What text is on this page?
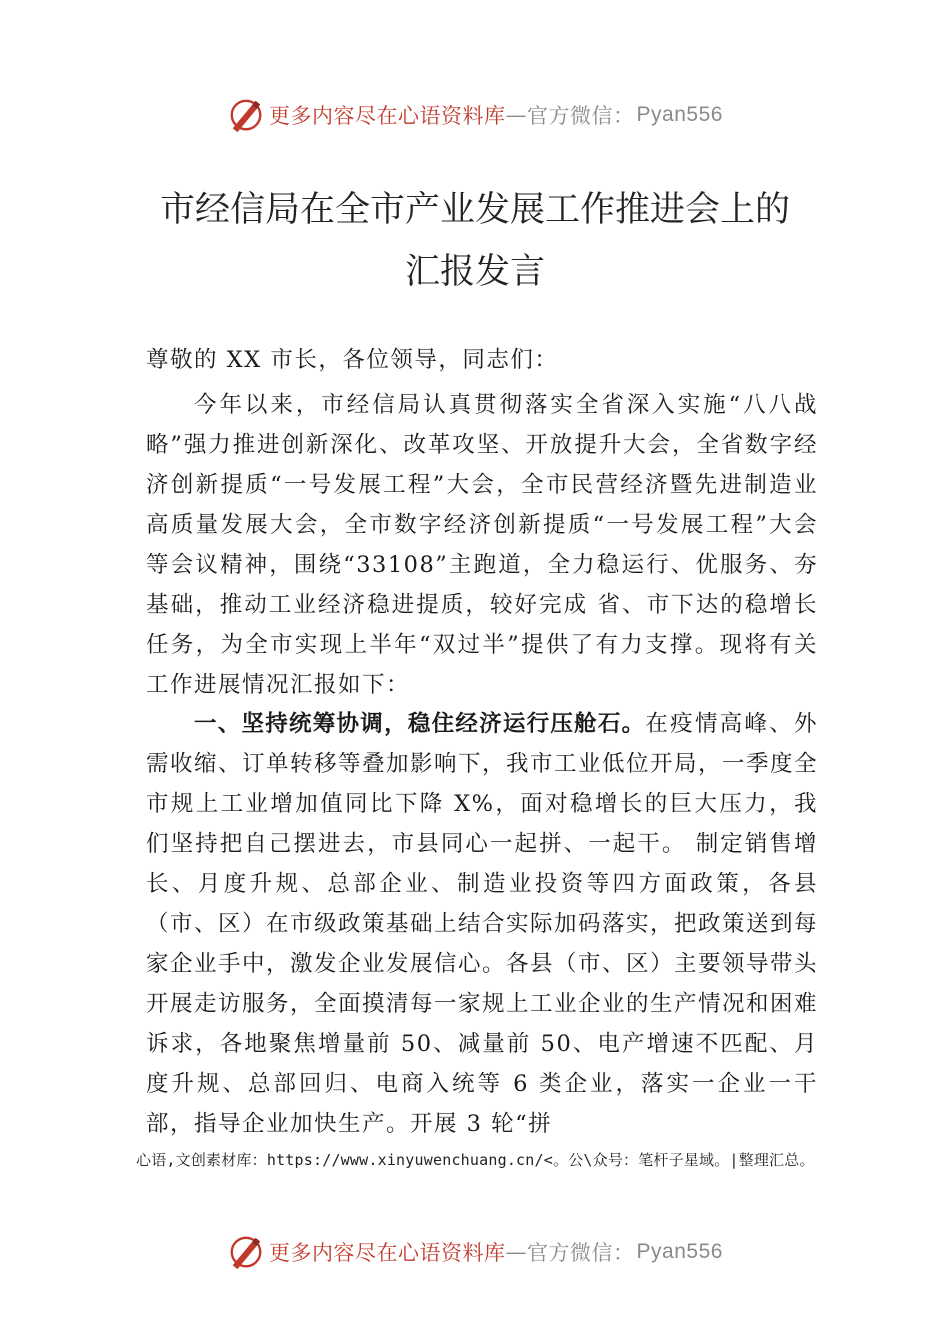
更多内容尽在心语资料库 — 官方微信： Pyan556
市经信局在全市产业发展工作推进会上的
汇报发言
尊敬的 XX 市长，各位领导，同志们：
今年以来，市经信局认真贯彻落实全省深入实施“八八战略”强力推进创新深化、改革攻坚、开放提升大会，全省数字经济创新提质“一号发展工程”大会，全市民营经济暨先进制造业高质量发展大会，全市数字经济创新提质“一号发展工程”大会等会议精神，围绕“33108”主跑道，全力稳运行、优服务、夯基础，推动工业经济稳进提质，较好完成 省、市下达的稳增长任务，为全市实现上半年“双过半”提供了有力支撑。现将有关工作进展情况汇报如下：
一、坚持统筹协调，稳住经济运行压舱石。在疫情高峰、外需收缩、订单转移等叠加影响下，我市工业低位开局，一季度全市规上工业增加值同比下降 X%，面对稳增长的巨大压力，我们坚持把自己摆进去，市县同心一起拼、一起干。 制定销售增长、月度升规、总部企业、制造业投资等四方面政策，各县（市、区）在市级政策基础上结合实际加码落实，把政策送到每家企业手中，激发企业发展信心。各县（市、区）主要领导带头开展走访服务，全面摸清每一家规上工业企业的生产情况和困难诉求，各地聚焦增量前 50、减量前 50、电产增速不匹配、月度升规、总部回归、电商入统等 6 类企业，落实一企业一干部，指导企业加快生产。开展 3 轮“拼
心语,文创素材库：https://www.xinyuwenchuang.cn/<。公\众号：笔杆子星域。|整理汇总。
更多内容尽在心语资料库 — 官方微信： Pyan556
